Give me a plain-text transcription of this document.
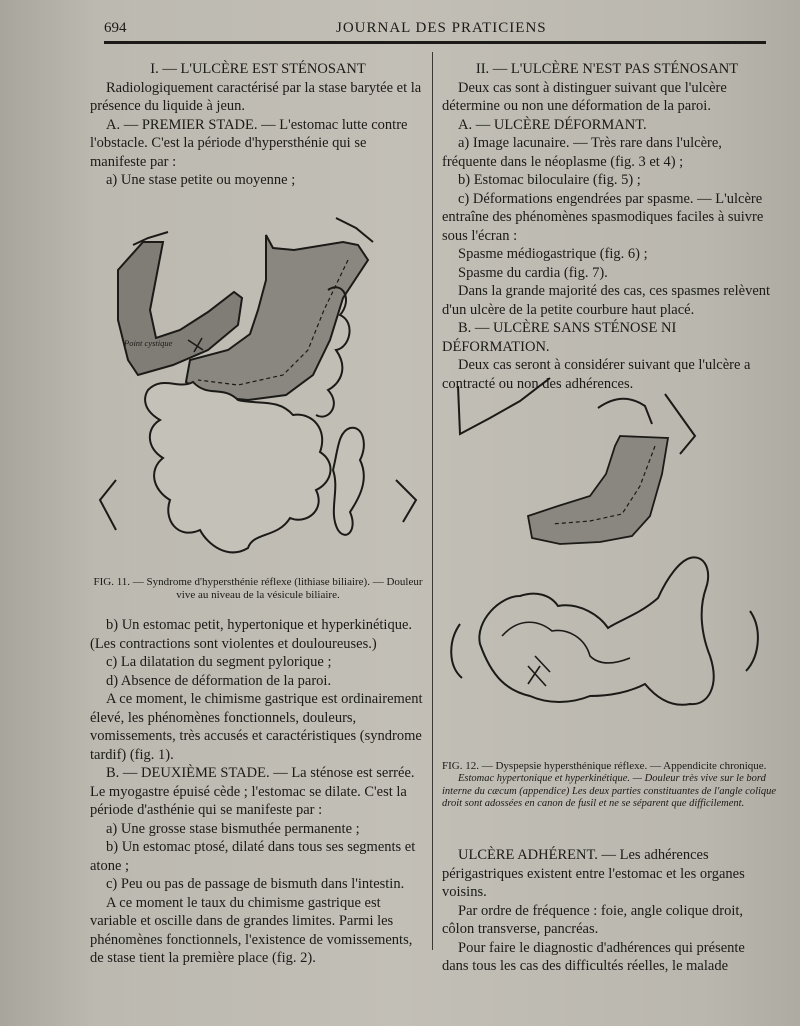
694	JOURNAL DES PRATICIENS

I. — L'ULCÈRE EST STÉNOSANT

Radiologiquement caractérisé par la stase barytée et la présence du liquide à jeun.

A. — PREMIER STADE. — L'estomac lutte contre l'obstacle. C'est la période d'hypersthénie qui se manifeste par :

a) Une stase petite ou moyenne ;

Point cystique

FIG. 11. — Syndrome d'hypersthénie réflexe (lithiase biliaire). — Douleur vive au niveau de la vésicule biliaire.

b) Un estomac petit, hypertonique et hyperkinétique. (Les contractions sont violentes et douloureuses.)

c) La dilatation du segment pylorique ;

d) Absence de déformation de la paroi.

A ce moment, le chimisme gastrique est ordinairement élevé, les phénomènes fonctionnels, douleurs, vomissements, très accusés et caractéristiques (syndrome tardif) (fig. 1).

B. — DEUXIÈME STADE. — La sténose est serrée. Le myogastre épuisé cède ; l'estomac se dilate. C'est la période d'asthénie qui se manifeste par :

a) Une grosse stase bismuthée permanente ;

b) Un estomac ptosé, dilaté dans tous ses segments et atone ;

c) Peu ou pas de passage de bismuth dans l'intestin.

A ce moment le taux du chimisme gastrique est variable et oscille dans de grandes limites. Parmi les phénomènes fonctionnels, l'existence de vomissements, de stase tient la première place (fig. 2).

II. — L'ULCÈRE N'EST PAS STÉNOSANT

Deux cas sont à distinguer suivant que l'ulcère détermine ou non une déformation de la paroi.

A. — ULCÈRE DÉFORMANT.

a) Image lacunaire. — Très rare dans l'ulcère, fréquente dans le néoplasme (fig. 3 et 4) ;

b) Estomac biloculaire (fig. 5) ;

c) Déformations engendrées par spasme. — L'ulcère entraîne des phénomènes spasmodiques faciles à suivre sous l'écran :

Spasme médiogastrique (fig. 6) ;

Spasme du cardia (fig. 7).

Dans la grande majorité des cas, ces spasmes relèvent d'un ulcère de la petite courbure haut placé.

B. — ULCÈRE SANS STÉNOSE NI DÉFORMATION.

Deux cas seront à considérer suivant que l'ulcère a contracté ou non des adhérences.

FIG. 12. — Dyspepsie hypersthénique réflexe. — Appendicite chronique.

Estomac hypertonique et hyperkinétique. — Douleur très vive sur le bord interne du cæcum (appendice) Les deux parties constituantes de l'angle colique droit sont adossées en canon de fusil et ne se séparent que difficilement.

ULCÈRE ADHÉRENT. — Les adhérences périgastriques existent entre l'estomac et les organes voisins.

Par ordre de fréquence : foie, angle colique droit, côlon transverse, pancréas.

Pour faire le diagnostic d'adhérences qui présente dans tous les cas des difficultés réelles, le malade
